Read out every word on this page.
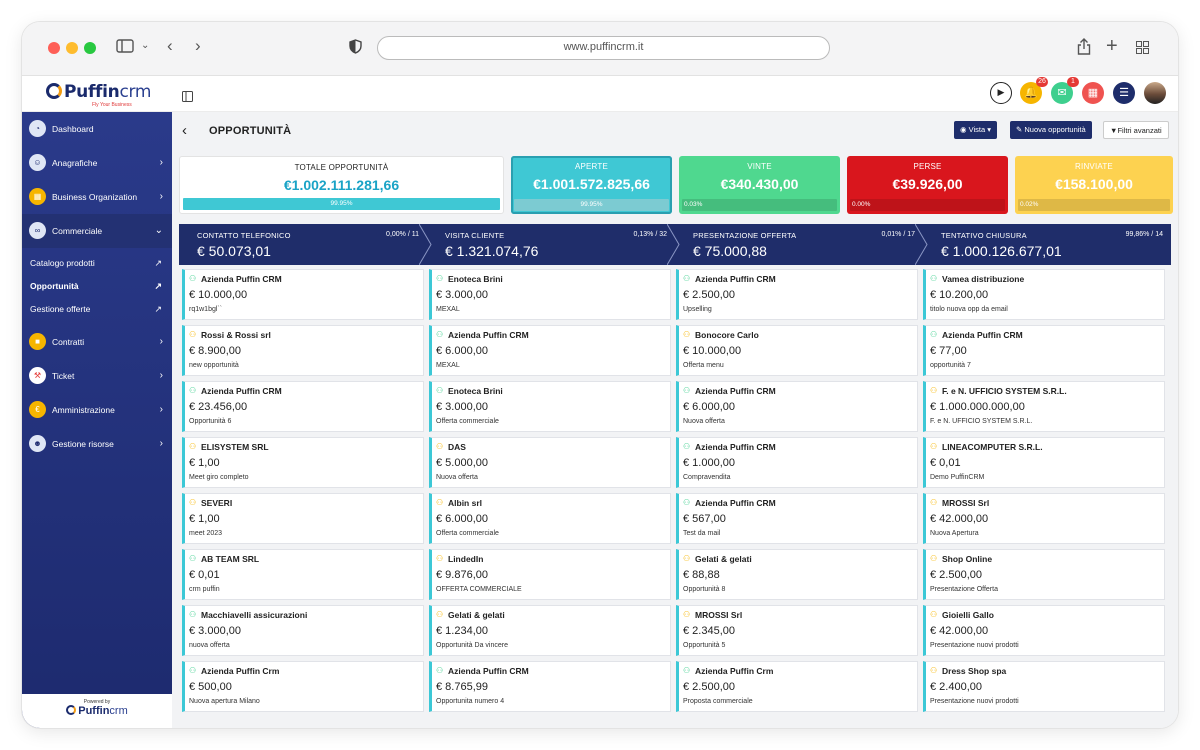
⌄ ‹ ›	www.puffincrm.it	+
Puffincrm
Fly Your Business
▶	🔔
26
✉
1
▦	☰
◔	Dashboard
☺	Anagrafiche	›
▦	Business Organization ›
∞	Commerciale	⌄
Catalogo prodotti	↗
Opportunità	↗
Gestione offerte	↗
■	Contratti	›
⚒	Ticket	›
€	Amministrazione	›
☻	Gestione risorse	›
Powered by
Puffincrm
‹ OPPORTUNITÀ	◉ Vista ▾	✎ Nuova opportunità	▼Filtri avanzati
TOTALE OPPORTUNITÀ
€1.002.111.281,66
99.95%
APERTE
€1.001.572.825,66
99.95%
VINTE
€340.430,00
0.03%
PERSE
€39.926,00
0.00%
RINVIATE
€158.100,00
0.02%
CONTATTO TELEFONICO	0,00% / 11
€ 50.073,01
VISITA CLIENTE	0,13% / 32
€ 1.321.074,76
PRESENTAZIONE OFFERTA	0,01% / 17
€ 75.000,88
TENTATIVO CHIUSURA	99,86% / 14
€ 1.000.126.677,01
⚇ Azienda Puffin CRM
€ 10.000,00
rq1w1bgl``
⚇ Rossi & Rossi srl
€ 8.900,00
new opportunità
⚇ Azienda Puffin CRM
€ 23.456,00
Opportunità 6
⚇ ELISYSTEM SRL
€ 1,00
Meet giro completo
⚇ SEVERI
€ 1,00
meet 2023
⚇ AB TEAM SRL
€ 0,01
crm puffin
⚇ Macchiavelli assicurazioni
€ 3.000,00
nuova offerta
⚇ Azienda Puffin Crm
€ 500,00
Nuova apertura Milano
⚇ Enoteca Brini
€ 3.000,00
MEXAL
⚇ Azienda Puffin CRM
€ 6.000,00
MEXAL
⚇ Enoteca Brini
€ 3.000,00
Offerta commerciale
⚇ DAS
€ 5.000,00
Nuova offerta
⚇ Albin srl
€ 6.000,00
Offerta commerciale
⚇ LindedIn
€ 9.876,00
OFFERTA COMMERCIALE
⚇ Gelati & gelati
€ 1.234,00
Opportunità Da vincere
⚇ Azienda Puffin CRM
€ 8.765,99
Opportunita numero 4
⚇ Azienda Puffin CRM
€ 2.500,00
Upselling
⚇ Bonocore Carlo
€ 10.000,00
Offerta menu
⚇ Azienda Puffin CRM
€ 6.000,00
Nuova offerta
⚇ Azienda Puffin CRM
€ 1.000,00
Compravendita
⚇ Azienda Puffin CRM
€ 567,00
Test da mail
⚇ Gelati & gelati
€ 88,88
Opportunità 8
⚇ MROSSI Srl
€ 2.345,00
Opportunità 5
⚇ Azienda Puffin Crm
€ 2.500,00
Proposta commerciale
⚇ Vamea distribuzione
€ 10.200,00
titolo nuova opp da email
⚇ Azienda Puffin CRM
€ 77,00
opportunità 7
⚇ F. e N. UFFICIO SYSTEM S.R.L.
€ 1.000.000.000,00
F. e N. UFFICIO SYSTEM S.R.L.
⚇ LINEACOMPUTER S.R.L.
€ 0,01
Demo PuffinCRM
⚇ MROSSI Srl
€ 42.000,00
Nuova Apertura
⚇ Shop Online
€ 2.500,00
Presentazione Offerta
⚇ Gioielli Gallo
€ 42.000,00
Presentazione nuovi prodotti
⚇ Dress Shop spa
€ 2.400,00
Presentazione nuovi prodotti
